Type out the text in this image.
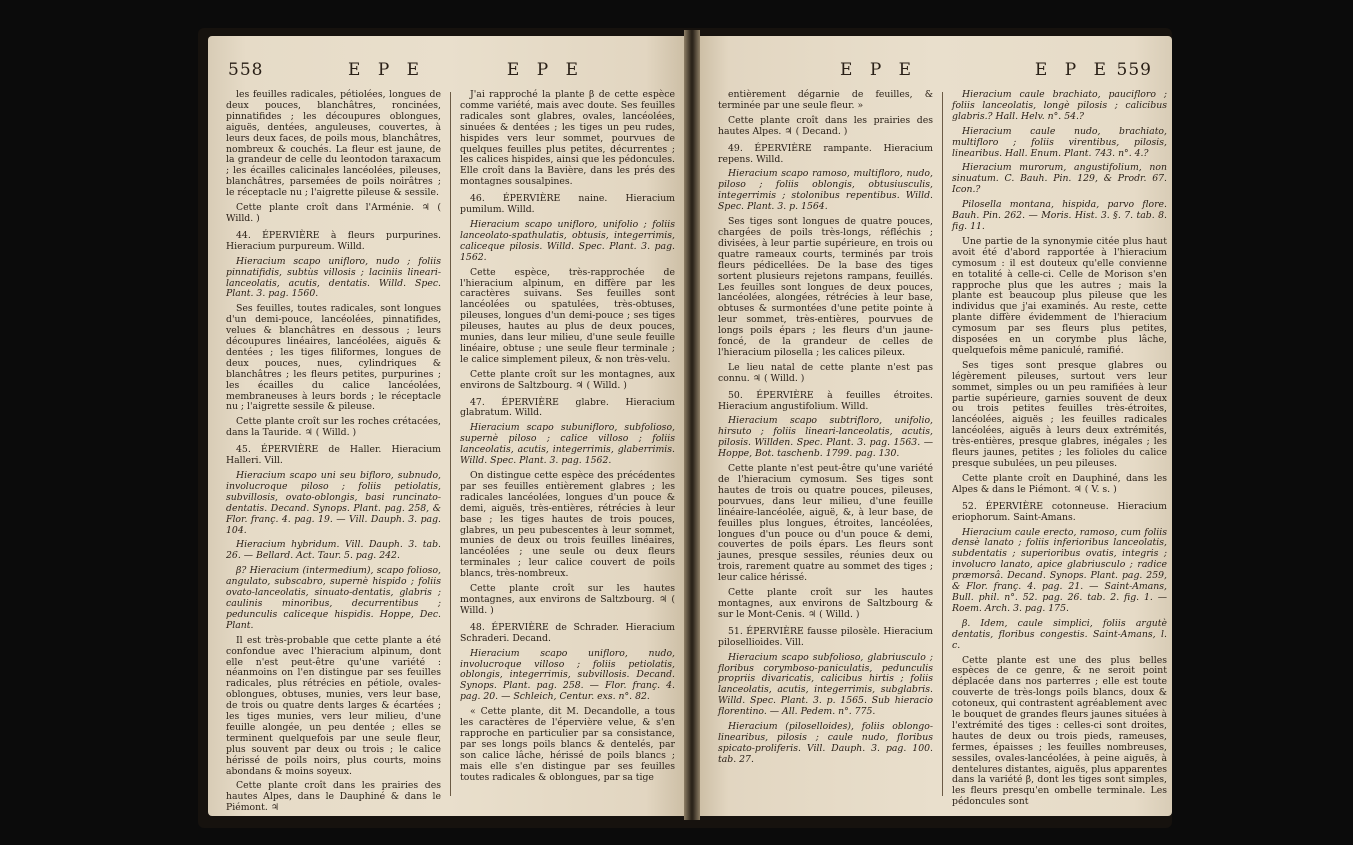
558	E P E	E P E

les feuilles radicales, pétiolées, longues de deux pouces, blanchâtres, roncinées, pinnatifides ; les découpures oblongues, aiguës, dentées, anguleuses, couvertes, à leurs deux faces, de poils mous, blanchâtres, nombreux & couchés. La fleur est jaune, de la grandeur de celle du leontodon taraxacum ; les écailles calicinales lancéolées, pileuses, blanchâtres, parsemées de poils noirâtres ; le réceptacle nu ; l'aigrette pileuse & sessile.

Cette plante croît dans l'Arménie. ♃ ( Willd. )

44. ÉPERVIÈRE à fleurs purpurines. Hieracium purpureum. Willd.

Hieracium scapo unifloro, nudo ; foliis pinnatifidis, subtùs villosis ; laciniis lineari-lanceolatis, acutis, dentatis. Willd. Spec. Plant. 3. pag. 1560.

Ses feuilles, toutes radicales, sont longues d'un demi-pouce, lancéolées, pinnatifides, velues & blanchâtres en dessous ; leurs découpures linéaires, lancéolées, aiguës & dentées ; les tiges filiformes, longues de deux pouces, nues, cylindriques & blanchâtres ; les fleurs petites, purpurines ; les écailles du calice lancéolées, membraneuses à leurs bords ; le réceptacle nu ; l'aigrette sessile & pileuse.

Cette plante croît sur les roches crétacées, dans la Tauride. ♃ ( Willd. )

45. ÉPERVIÈRE de Haller. Hieracium Halleri. Vill.

Hieracium scapo uni seu bifloro, subnudo, involucroque piloso ; foliis petiolatis, subvillosis, ovato-oblongis, basi runcinato-dentatis. Decand. Synops. Plant. pag. 258, & Flor. franç. 4. pag. 19. — Vill. Dauph. 3. pag. 104.

Hieracium hybridum. Vill. Dauph. 3. tab. 26. — Bellard. Act. Taur. 5. pag. 242.

β? Hieracium (intermedium), scapo folioso, angulato, subscabro, supernè hispido ; foliis ovato-lanceolatis, sinuato-dentatis, glabris ; caulinis minoribus, decurrentibus ; pedunculis caliceque hispidis. Hoppe, Dec. Plant.

Il est très-probable que cette plante a été confondue avec l'hieracium alpinum, dont elle n'est peut-être qu'une variété : néanmoins on l'en distingue par ses feuilles radicales, plus rétrécies en pétiole, ovales-oblongues, obtuses, munies, vers leur base, de trois ou quatre dents larges & écartées ; les tiges munies, vers leur milieu, d'une feuille alongée, un peu dentée ; elles se terminent quelquefois par une seule fleur, plus souvent par deux ou trois ; le calice hérissé de poils noirs, plus courts, moins abondans & moins soyeux.

Cette plante croît dans les prairies des hautes Alpes, dans le Dauphiné & dans le Piémont. ♃

J'ai rapproché la plante β de cette espèce comme variété, mais avec doute. Ses feuilles radicales sont glabres, ovales, lancéolées, sinuées & dentées ; les tiges un peu rudes, hispides vers leur sommet, pourvues de quelques feuilles plus petites, décurrentes ; les calices hispides, ainsi que les pédoncules. Elle croît dans la Bavière, dans les prés des montagnes sousalpines.

46. ÉPERVIÈRE naine. Hieracium pumilum. Willd.

Hieracium scapo unifloro, unifolio ; foliis lanceolato-spathulatis, obtusis, integerrimis, caliceque pilosis. Willd. Spec. Plant. 3. pag. 1562.

Cette espèce, très-rapprochée de l'hieracium alpinum, en diffère par les caractères suivans. Ses feuilles sont lancéolées ou spatulées, très-obtuses, pileuses, longues d'un demi-pouce ; ses tiges pileuses, hautes au plus de deux pouces, munies, dans leur milieu, d'une seule feuille linéaire, obtuse ; une seule fleur terminale ; le calice simplement pileux, & non très-velu.

Cette plante croît sur les montagnes, aux environs de Saltzbourg. ♃ ( Willd. )

47. ÉPERVIÈRE glabre. Hieracium glabratum. Willd.

Hieracium scapo subunifloro, subfolioso, supernè piloso ; calice villoso ; foliis lanceolatis, acutis, integerrimis, glaberrimis. Willd. Spec. Plant. 3. pag. 1562.

On distingue cette espèce des précédentes par ses feuilles entièrement glabres ; les radicales lancéolées, longues d'un pouce & demi, aiguës, très-entières, rétrécies à leur base ; les tiges hautes de trois pouces, glabres, un peu pubescentes à leur sommet, munies de deux ou trois feuilles linéaires, lancéolées ; une seule ou deux fleurs terminales ; leur calice couvert de poils blancs, très-nombreux.

Cette plante croît sur les hautes montagnes, aux environs de Saltzbourg. ♃ ( Willd. )

48. ÉPERVIÈRE de Schrader. Hieracium Schraderi. Decand.

Hieracium scapo unifloro, nudo, involucroque villoso ; foliis petiolatis, oblongis, integerrimis, subvillosis. Decand. Synops. Plant. pag. 258. — Flor. franç. 4. pag. 20. — Schleich, Centur. exs. n°. 82.

« Cette plante, dit M. Decandolle, a tous les caractères de l'épervière velue, & s'en rapproche en particulier par sa consistance, par ses longs poils blancs & dentelés, par son calice lâche, hérissé de poils blancs ; mais elle s'en distingue par ses feuilles toutes radicales & oblongues, par sa tige

E P E	E P E 559

entièrement dégarnie de feuilles, & terminée par une seule fleur. »

Cette plante croît dans les prairies des hautes Alpes. ♃ ( Decand. )

49. ÉPERVIÈRE rampante. Hieracium repens. Willd.

Hieracium scapo ramoso, multifloro, nudo, piloso ; foliis oblongis, obtusiusculis, integerrimis ; stolonibus repentibus. Willd. Spec. Plant. 3. p. 1564.

Ses tiges sont longues de quatre pouces, chargées de poils très-longs, réfléchis ; divisées, à leur partie supérieure, en trois ou quatre rameaux courts, terminés par trois fleurs pédicellées. De la base des tiges sortent plusieurs rejetons rampans, feuillés. Les feuilles sont longues de deux pouces, lancéolées, alongées, rétrécies à leur base, obtuses & surmontées d'une petite pointe à leur sommet, très-entières, pourvues de longs poils épars ; les fleurs d'un jaune-foncé, de la grandeur de celles de l'hieracium pilosella ; les calices pileux.

Le lieu natal de cette plante n'est pas connu. ♃ ( Willd. )

50. ÉPERVIÈRE à feuilles étroites. Hieracium angustifolium. Willd.

Hieracium scapo subtrifloro, unifolio, hirsuto ; foliis lineari-lanceolatis, acutis, pilosis. Willden. Spec. Plant. 3. pag. 1563. — Hoppe, Bot. taschenb. 1799. pag. 130.

Cette plante n'est peut-être qu'une variété de l'hieracium cymosum. Ses tiges sont hautes de trois ou quatre pouces, pileuses, pourvues, dans leur milieu, d'une feuille linéaire-lancéolée, aiguë, &, à leur base, de feuilles plus longues, étroites, lancéolées, longues d'un pouce ou d'un pouce & demi, couvertes de poils épars. Les fleurs sont jaunes, presque sessiles, réunies deux ou trois, rarement quatre au sommet des tiges ; leur calice hérissé.

Cette plante croît sur les hautes montagnes, aux environs de Saltzbourg & sur le Mont-Cenis. ♃ ( Willd. )

51. ÉPERVIÈRE fausse pilosèle. Hieracium pilosellioides. Vill.

Hieracium scapo subfolioso, glabriusculo ; floribus corymboso-paniculatis, pedunculis propriis divaricatis, calicibus hirtis ; foliis lanceolatis, acutis, integerrimis, subglabris. Willd. Spec. Plant. 3. p. 1565. Sub hieracio florentino. — All. Pedem. n°. 775.

Hieracium (piloselloides), foliis oblongo-linearibus, pilosis ; caule nudo, floribus spicato-proliferis. Vill. Dauph. 3. pag. 100. tab. 27.

Hieracium caule brachiato, paucifloro ; foliis lanceolatis, longè pilosis ; calicibus glabris.? Hall. Helv. n°. 54.?

Hieracium caule nudo, brachiato, multifloro ; foliis virentibus, pilosis, linearibus. Hall. Enum. Plant. 743. n°. 4.?

Hieracium murorum, angustifolium, non sinuatum. C. Bauh. Pin. 129, & Prodr. 67. Icon.?

Pilosella montana, hispida, parvo flore. Bauh. Pin. 262. — Moris. Hist. 3. §. 7. tab. 8. fig. 11.

Une partie de la synonymie citée plus haut avoit été d'abord rapportée à l'hieracium cymosum : il est douteux qu'elle convienne en totalité à celle-ci. Celle de Morison s'en rapproche plus que les autres ; mais la plante est beaucoup plus pileuse que les individus que j'ai examinés. Au reste, cette plante diffère évidemment de l'hieracium cymosum par ses fleurs plus petites, disposées en un corymbe plus lâche, quelquefois même paniculé, ramifié.

Ses tiges sont presque glabres ou légèrement pileuses, surtout vers leur sommet, simples ou un peu ramifiées à leur partie supérieure, garnies souvent de deux ou trois petites feuilles très-étroites, lancéolées, aiguës ; les feuilles radicales lancéolées, aiguës à leurs deux extrémités, très-entières, presque glabres, inégales ; les fleurs jaunes, petites ; les folioles du calice presque subulées, un peu pileuses.

Cette plante croît en Dauphiné, dans les Alpes & dans le Piémont. ♃ ( V. s. )

52. ÉPERVIÈRE cotonneuse. Hieracium eriophorum. Saint-Amans.

Hieracium caule erecto, ramoso, cum foliis densè lanato ; foliis inferioribus lanceolatis, subdentatis ; superioribus ovatis, integris ; involucro lanato, apice glabriusculo ; radice præmorsâ. Decand. Synops. Plant. pag. 259, & Flor. franç. 4. pag. 21. — Saint-Amans, Bull. phil. n°. 52. pag. 26. tab. 2. fig. 1. — Roem. Arch. 3. pag. 175.

β. Idem, caule simplici, foliis argutè dentatis, floribus congestis. Saint-Amans, l. c.

Cette plante est une des plus belles espèces de ce genre, & ne seroit point déplacée dans nos parterres ; elle est toute couverte de très-longs poils blancs, doux & cotoneux, qui contrastent agréablement avec le bouquet de grandes fleurs jaunes situées à l'extrémité des tiges : celles-ci sont droites, hautes de deux ou trois pieds, rameuses, fermes, épaisses ; les feuilles nombreuses, sessiles, ovales-lancéolées, à peine aiguës, à dentelures distantes, aiguës, plus apparentes dans la variété β, dont les tiges sont simples, les fleurs presqu'en ombelle terminale. Les pédoncules sont
